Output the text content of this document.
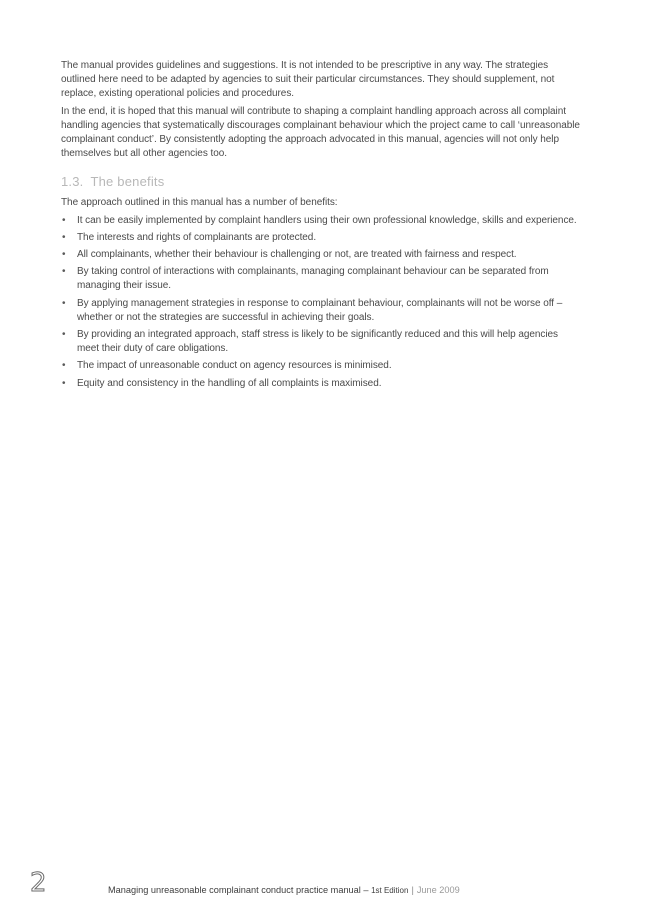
The manual provides guidelines and suggestions. It is not intended to be prescriptive in any way. The strategies outlined here need to be adapted by agencies to suit their particular circumstances. They should supplement, not replace, existing operational policies and procedures.

In the end, it is hoped that this manual will contribute to shaping a complaint handling approach across all complaint handling agencies that systematically discourages complainant behaviour which the project came to call ‘unreasonable complainant conduct’. By consistently adopting the approach advocated in this manual, agencies will not only help themselves but all other agencies too.

1.3. The benefits

The approach outlined in this manual has a number of benefits:

• It can be easily implemented by complaint handlers using their own professional knowledge, skills and experience.
• The interests and rights of complainants are protected.
• All complainants, whether their behaviour is challenging or not, are treated with fairness and respect.
• By taking control of interactions with complainants, managing complainant behaviour can be separated from managing their issue.
• By applying management strategies in response to complainant behaviour, complainants will not be worse off – whether or not the strategies are successful in achieving their goals.
• By providing an integrated approach, staff stress is likely to be significantly reduced and this will help agencies meet their duty of care obligations.
• The impact of unreasonable conduct on agency resources is minimised.
• Equity and consistency in the handling of all complaints is maximised.
2	Managing unreasonable complainant conduct practice manual – 1st Edition | June 2009
